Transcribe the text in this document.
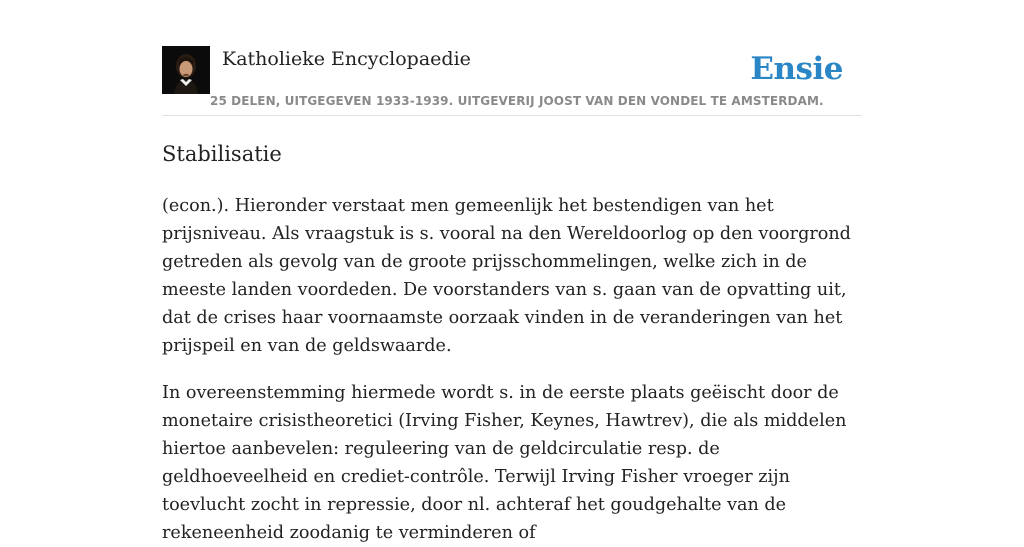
Katholieke Encyclopaedie
25 DELEN, UITGEGEVEN 1933-1939. UITGEVERIJ JOOST VAN DEN VONDEL TE AMSTERDAM.
Ensie
Stabilisatie

(econ.). Hieronder verstaat men gemeenlijk het bestendigen van het prijsniveau. Als vraagstuk is s. vooral na den Wereldoorlog op den voorgrond getreden als gevolg van de groote prijsschommelingen, welke zich in de meeste landen voordeden. De voorstanders van s. gaan van de opvatting uit, dat de crises haar voornaamste oorzaak vinden in de veranderingen van het prijspeil en van de geldswaarde.

In overeenstemming hiermede wordt s. in de eerste plaats geëischt door de monetaire crisistheoretici (Irving Fisher, Keynes, Hawtrev), die als middelen hiertoe aanbevelen: reguleering van de geldcirculatie resp. de geldhoeveelheid en crediet-contrôle. Terwijl Irving Fisher vroeger zijn toevlucht zocht in repressie, door nl. achteraf het goudgehalte van de rekeneenheid zoodanig te verminderen of
